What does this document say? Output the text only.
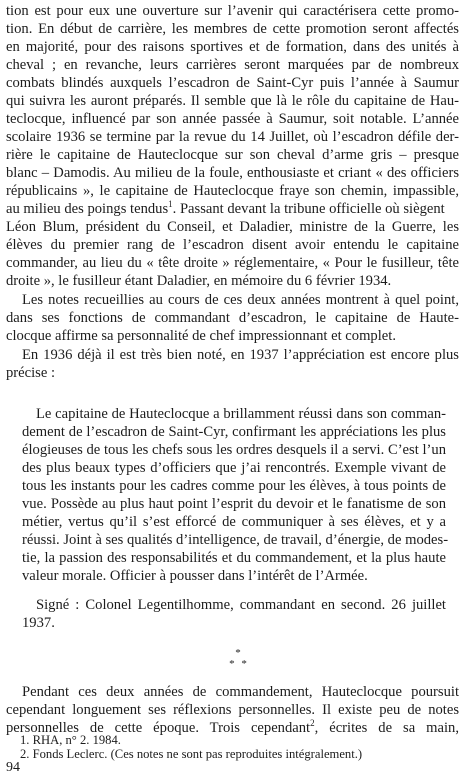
tion est pour eux une ouverture sur l’avenir qui caractérisera cette promo-
tion. En début de carrière, les membres de cette promotion seront affectés
en majorité, pour des raisons sportives et de formation, dans des unités à
cheval ; en revanche, leurs carrières seront marquées par de nombreux
combats blindés auxquels l’escadron de Saint-Cyr puis l’année à Saumur
qui suivra les auront préparés. Il semble que là le rôle du capitaine de Hau-
teclocque, influencé par son année passée à Saumur, soit notable. L’année
scolaire 1936 se termine par la revue du 14 Juillet, où l’escadron défile der-
rière le capitaine de Hauteclocque sur son cheval d’arme gris – presque
blanc – Damodis. Au milieu de la foule, enthousiaste et criant « des officiers
républicains », le capitaine de Hauteclocque fraye son chemin, impassible,
au milieu des poings tendus$^1$. Passant devant la tribune officielle où siègent
Léon Blum, président du Conseil, et Daladier, ministre de la Guerre, les
élèves du premier rang de l’escadron disent avoir entendu le capitaine
commander, au lieu du « tête droite » réglementaire, « Pour le fusilleur, tête
droite », le fusilleur étant Daladier, en mémoire du 6 février 1934.
Les notes recueillies au cours de ces deux années montrent à quel point,
dans ses fonctions de commandant d’escadron, le capitaine de Haute-
clocque affirme sa personnalité de chef impressionnant et complet.
En 1936 déjà il est très bien noté, en 1937 l’appréciation est encore plus
précise :
Le capitaine de Hauteclocque a brillamment réussi dans son comman-
dement de l’escadron de Saint-Cyr, confirmant les appréciations les plus
élogieuses de tous les chefs sous les ordres desquels il a servi. C’est l’un
des plus beaux types d’officiers que j’ai rencontrés. Exemple vivant de
tous les instants pour les cadres comme pour les élèves, à tous points de
vue. Possède au plus haut point l’esprit du devoir et le fanatisme de son
métier, vertus qu’il s’est efforcé de communiquer à ses élèves, et y a
réussi. Joint à ses qualités d’intelligence, de travail, d’énergie, de modes-
tie, la passion des responsabilités et du commandement, et la plus haute
valeur morale. Officier à pousser dans l’intérêt de l’Armée.
Signé : Colonel Legentilhomme, commandant en second. 26 juillet
1937.
*
* *
Pendant ces deux années de commandement, Hauteclocque poursuit
cependant longuement ses réflexions personnelles. Il existe peu de notes
personnelles de cette époque. Trois cependant$^2$, écrites de sa main,
1. RHA, n° 2. 1984.
2. Fonds Leclerc. (Ces notes ne sont pas reproduites intégralement.)
94
